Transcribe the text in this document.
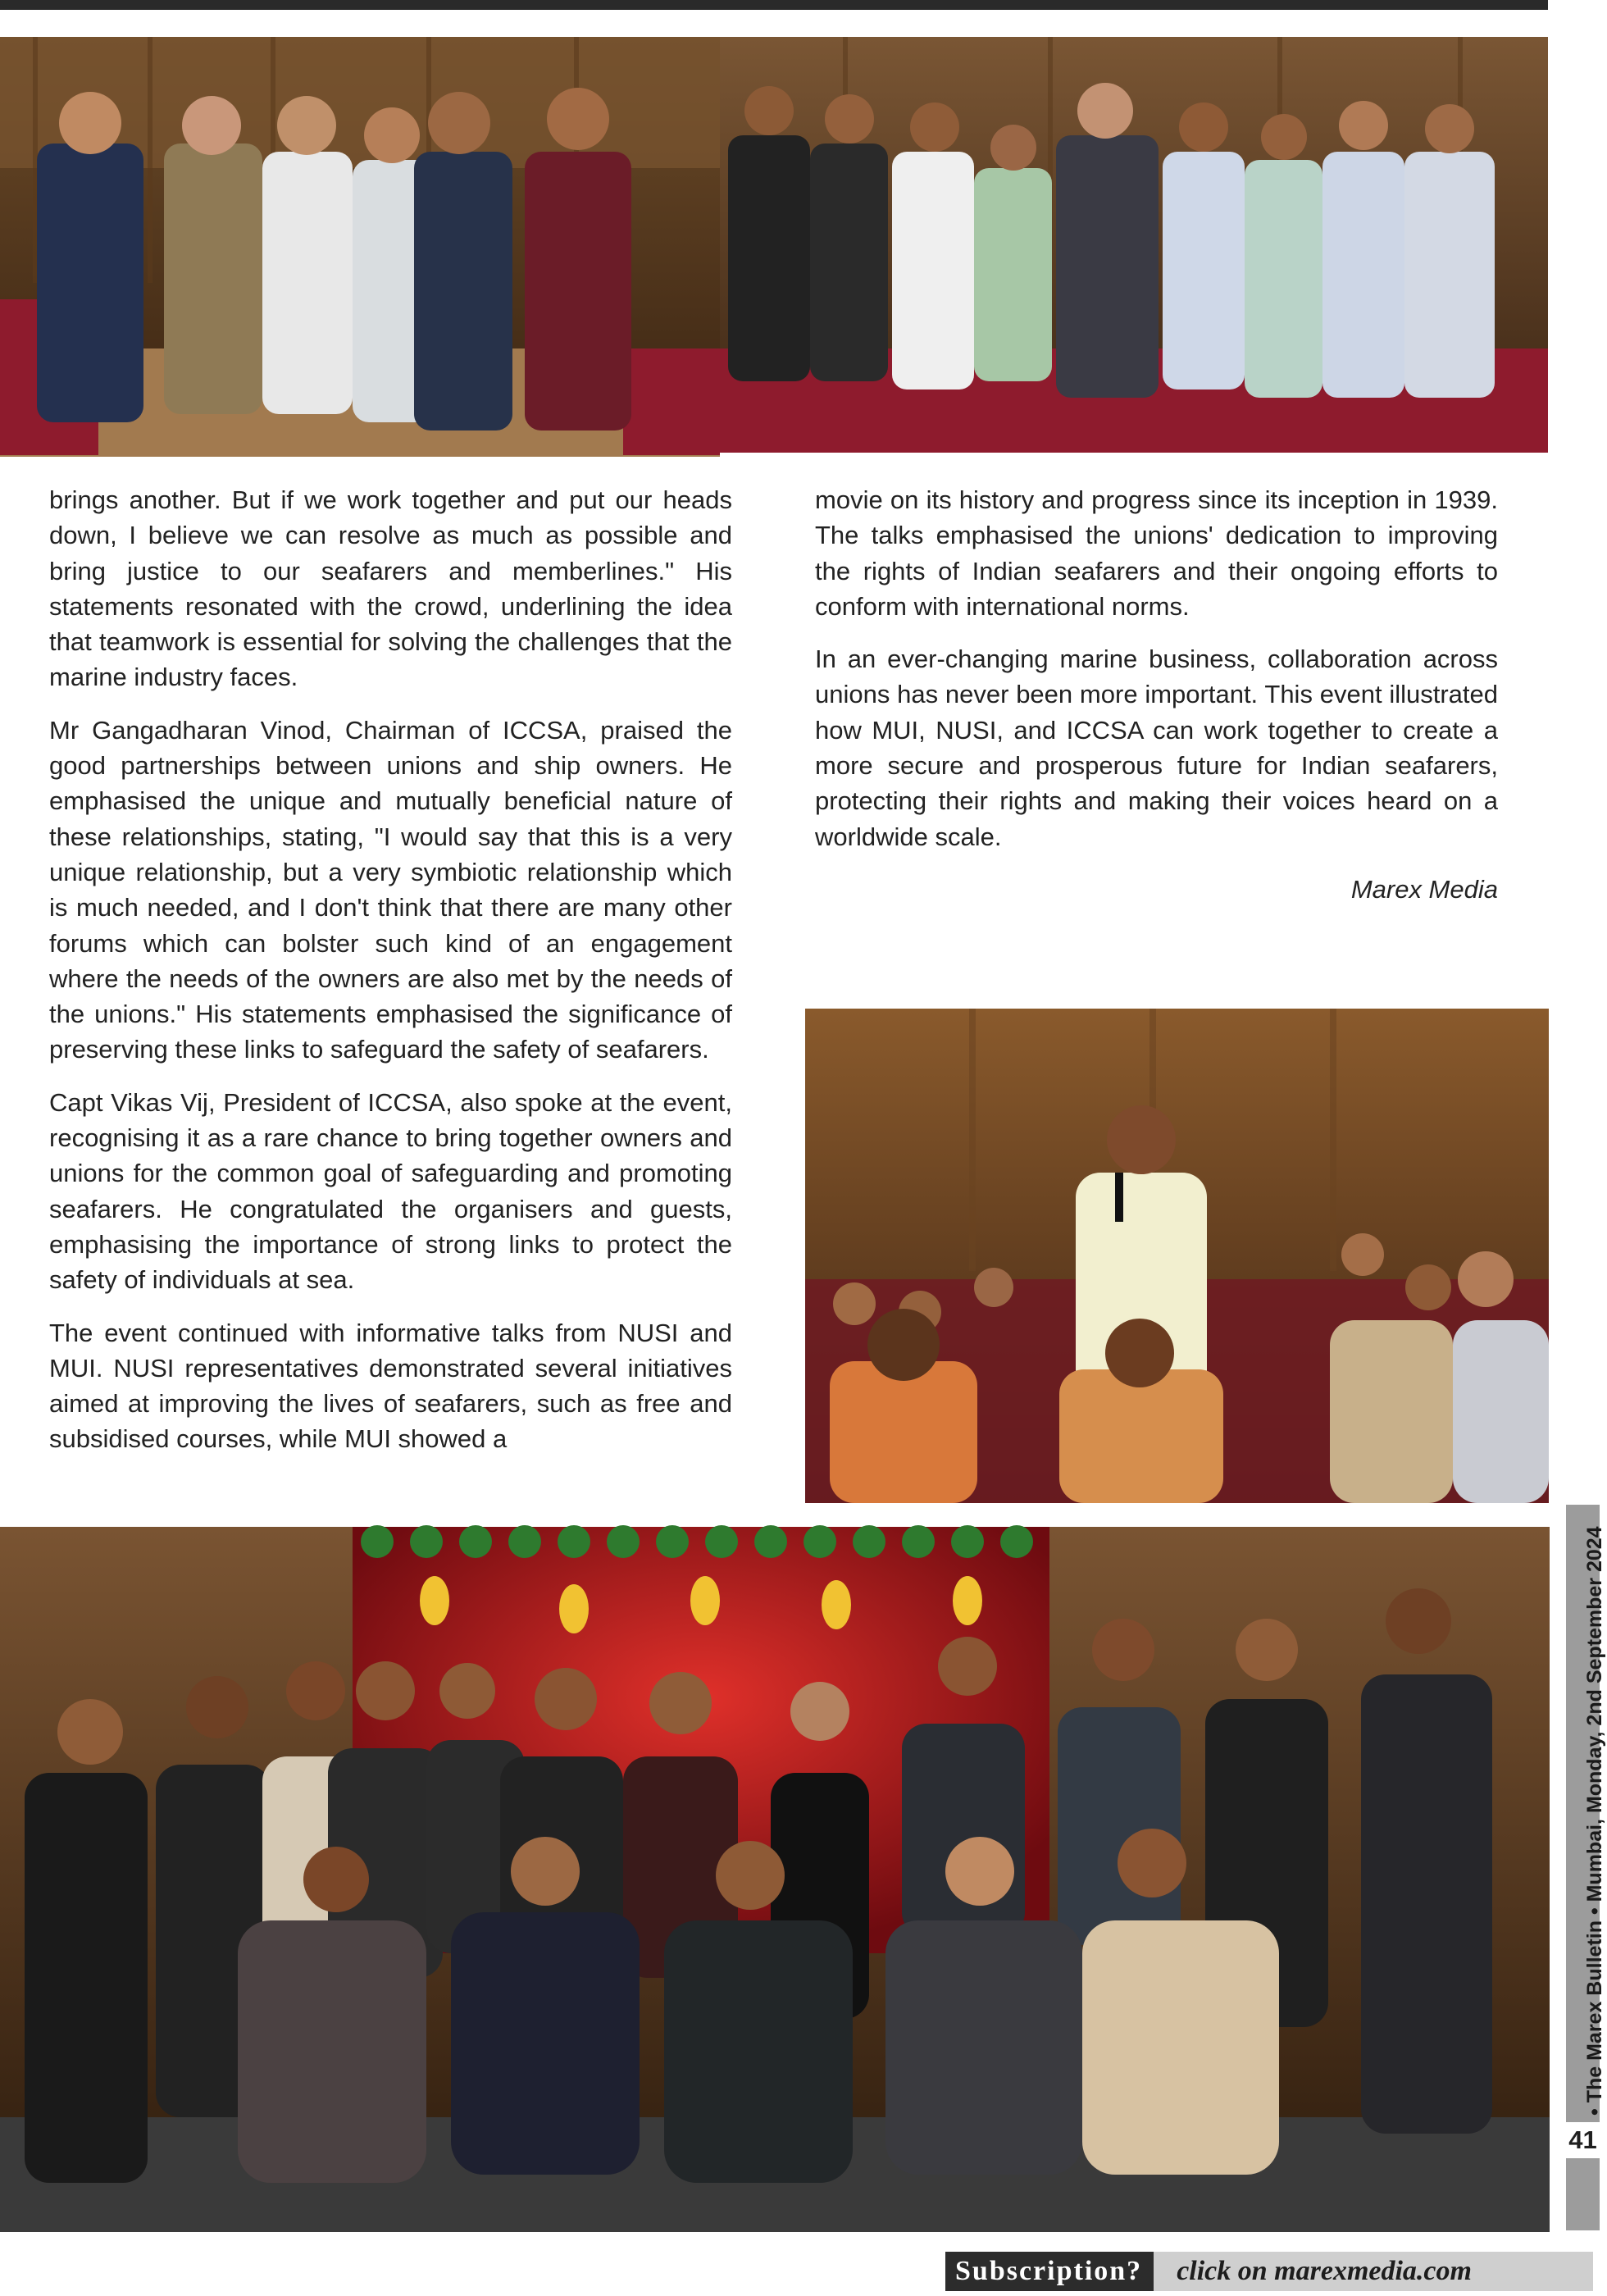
brings another. But if we work together and put our heads down, I believe we can resolve as much as possible and bring justice to our seafarers and memberlines." His statements resonated with the crowd, underlining the idea that teamwork is essential for solving the challenges that the marine industry faces.

Mr Gangadharan Vinod, Chairman of ICCSA, praised the good partnerships between unions and ship owners. He emphasised the unique and mutually beneficial nature of these relationships, stating, "I would say that this is a very unique relationship, but a very symbiotic relationship which is much needed, and I don't think that there are many other forums which can bolster such kind of an engagement where the needs of the owners are also met by the needs of the unions." His statements emphasised the significance of preserving these links to safeguard the safety of seafarers.

Capt Vikas Vij, President of ICCSA, also spoke at the event, recognising it as a rare chance to bring together owners and unions for the common goal of safeguarding and promoting seafarers. He congratulated the organisers and guests, emphasising the importance of strong links to protect the safety of individuals at sea.

The event continued with informative talks from NUSI and MUI. NUSI representatives demonstrated several initiatives aimed at improving the lives of seafarers, such as free and subsidised courses, while MUI showed a

movie on its history and progress since its inception in 1939. The talks emphasised the unions' dedication to improving the rights of Indian seafarers and their ongoing efforts to conform with international norms.

In an ever-changing marine business, collaboration across unions has never been more important. This event illustrated how MUI, NUSI, and ICCSA can work together to create a more secure and prosperous future for Indian seafarers, protecting their rights and making their voices heard on a worldwide scale.

Marex Media
• The Marex Bulletin • Mumbai, Monday, 2nd September 2024
41
Subscription?	click on marexmedia.com
